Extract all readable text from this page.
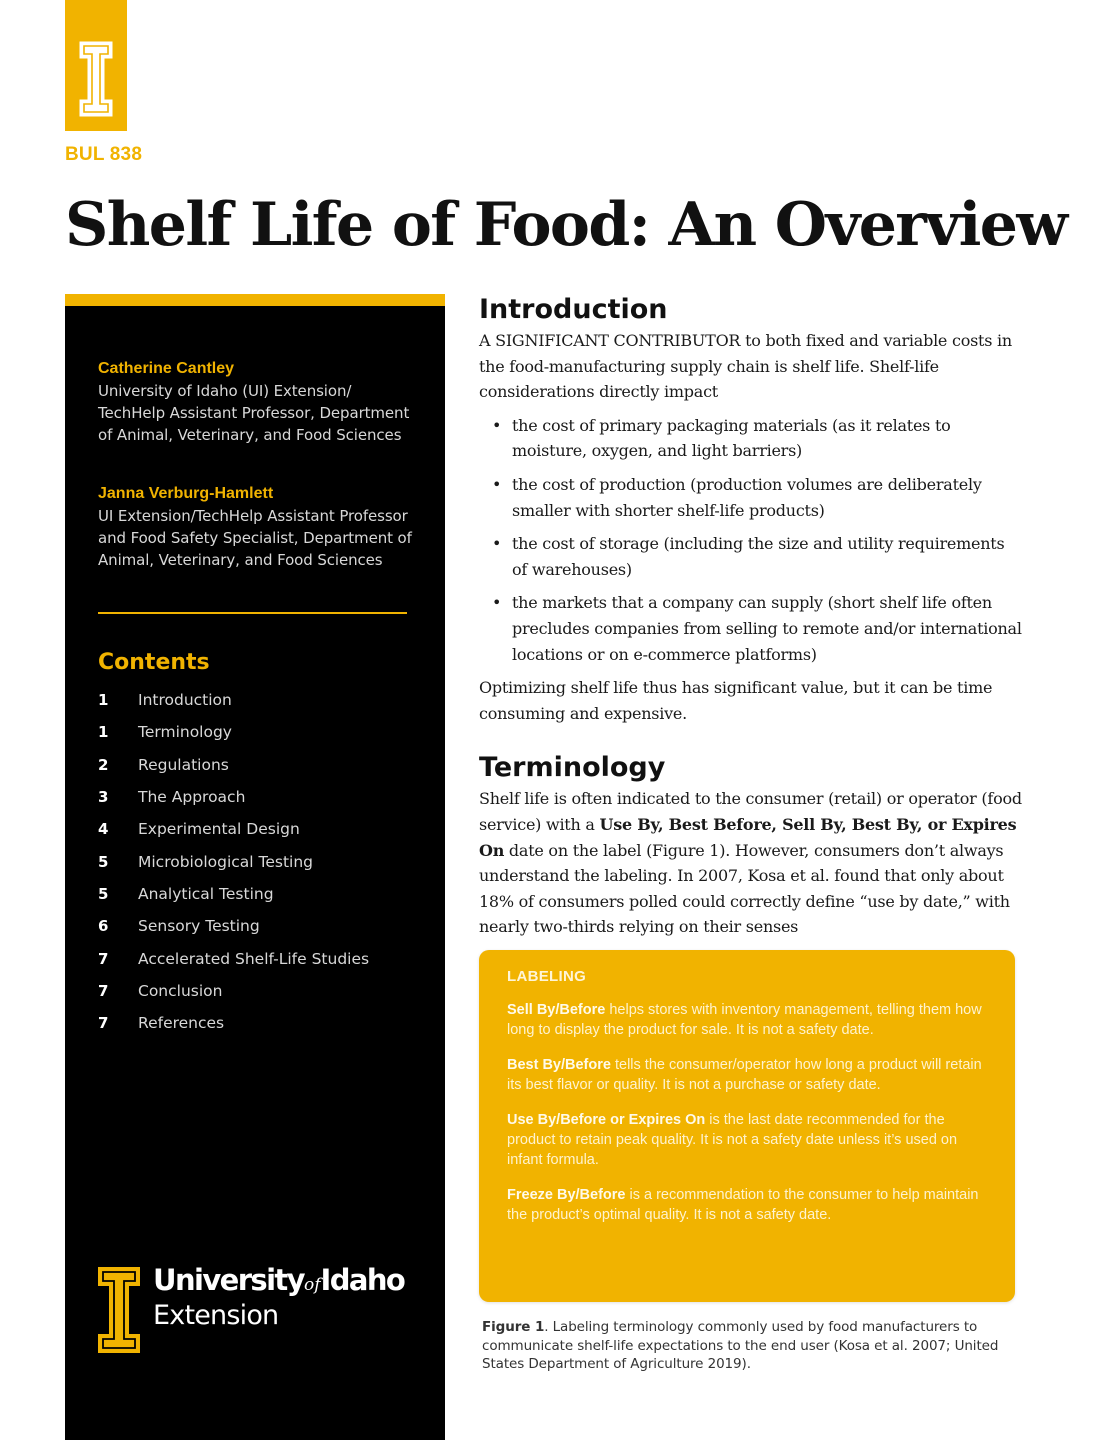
BUL 838
Shelf Life of Food: An Overview
Catherine Cantley
University of Idaho (UI) Extension/ TechHelp Assistant Professor, Department of Animal, Veterinary, and Food Sciences
Janna Verburg-Hamlett
UI Extension/TechHelp Assistant Professor and Food Safety Specialist, Department of Animal, Veterinary, and Food Sciences
Contents
1	Introduction
1	Terminology
2	Regulations
3	The Approach
4	Experimental Design
5	Microbiological Testing
5	Analytical Testing
6	Sensory Testing
7	Accelerated Shelf-Life Studies
7	Conclusion
7	References
UniversityofIdaho
Extension
Introduction

A SIGNIFICANT CONTRIBUTOR to both fixed and variable costs in the food-manufacturing supply chain is shelf life. Shelf-life considerations directly impact

• the cost of primary packaging materials (as it relates to moisture, oxygen, and light barriers)
• the cost of production (production volumes are deliberately smaller with shorter shelf-life products)
• the cost of storage (including the size and utility requirements of warehouses)
• the markets that a company can supply (short shelf life often precludes companies from selling to remote and/or international locations or on e-commerce platforms)

Optimizing shelf life thus has significant value, but it can be time consuming and expensive.

Terminology

Shelf life is often indicated to the consumer (retail) or operator (food service) with a Use By, Best Before, Sell By, Best By, or Expires On date on the label (Figure 1). However, consumers don’t always understand the labeling. In 2007, Kosa et al. found that only about 18% of consumers polled could correctly define “use by date,” with nearly two-thirds relying on their senses

LABELING

Sell By/Before helps stores with inventory management, telling them how long to display the product for sale. It is not a safety date.

Best By/Before tells the consumer/operator how long a product will retain its best flavor or quality. It is not a purchase or safety date.

Use By/Before or Expires On is the last date recommended for the product to retain peak quality. It is not a safety date unless it’s used on infant formula.

Freeze By/Before is a recommendation to the consumer to help maintain the product’s optimal quality. It is not a safety date.

Figure 1. Labeling terminology commonly used by food manufacturers to communicate shelf-life expectations to the end user (Kosa et al. 2007; United States Department of Agriculture 2019).
